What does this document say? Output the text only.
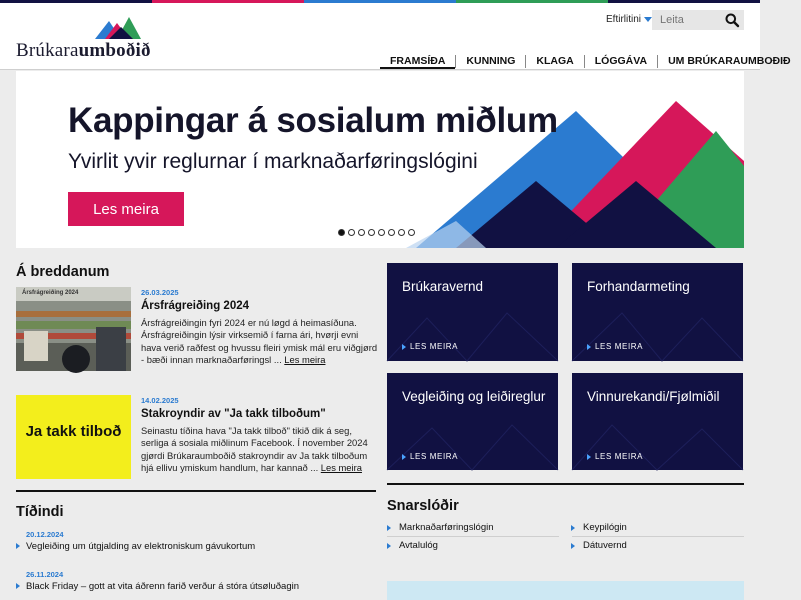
Brúkaraumboðið
Eftirlitini
Leita
FRAMSÍÐA	KUNNING	KLAGA	LÓGGÁVA	UM BRÚKARAUMBOÐIÐ
Kappingar á sosialum miðlum
Yvirlit yvir reglurnar í marknaðarføringslógini
Les meira
Á breddanum
Ársfrágreiðing 2024	26.03.2025
Ársfrágreiðing 2024
Ársfrágreiðingin fyri 2024 er nú løgd á heimasíðuna. Ársfrágreiðingin lýsir virksemið í farna ári, hvørji evni hava verið raðfest og hvussu fleiri ymisk mál eru viðgjørd - bæði innan marknaðarføringsl ... Les meira
Ja takk tilboð
14.02.2025
Stakroyndir av "Ja takk tilboðum"
Seinastu tíðina hava "Ja takk tilboð" tikið dik á seg, serliga á sosiala miðlinum Facebook. Í november 2024 gjørdi Brúkaraumboðið stakroyndir av Ja takk tilboðum hjá ellivu ymiskum handlum, har kannað ... Les meira
Brúkaravernd
LES MEIRA
Forhandarmeting
LES MEIRA
Vegleiðing og leiðireglur
LES MEIRA
Vinnurekandi/Fjølmiðil
LES MEIRA
Tíðindi
20.12.2024
Vegleiðing um útgjalding av elektroniskum gávukortum
26.11.2024
Black Friday – gott at vita áðrenn farið verður á stóra útsøluðagin
Snarslóðir
Marknaðarføringslógin	Keypilógin
Avtalulóg	Dátuvernd
